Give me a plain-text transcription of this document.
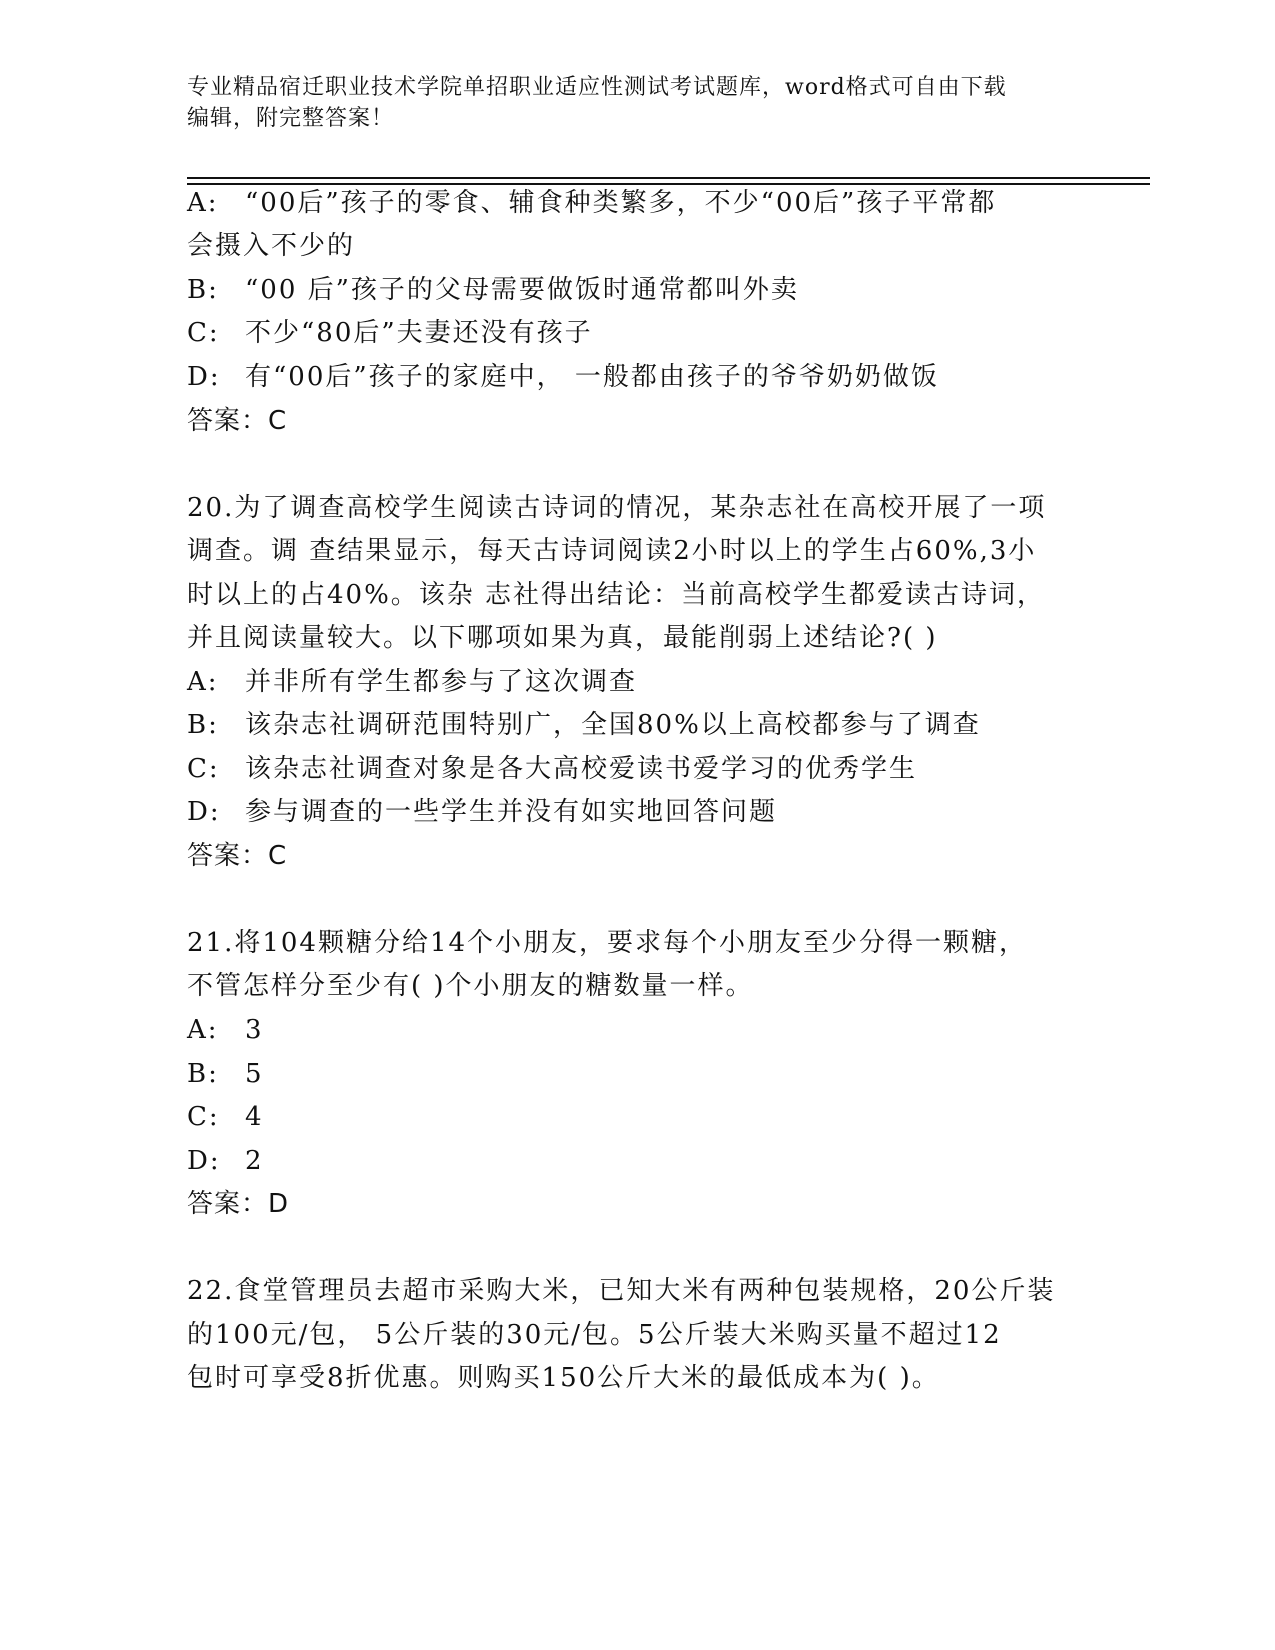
专业精品宿迁职业技术学院单招职业适应性测试考试题库，word格式可自由下载
编辑，附完整答案！
A: “00后”孩子的零食、辅食种类繁多，不少“00后”孩子平常都
会摄入不少的
B: “00 后”孩子的父母需要做饭时通常都叫外卖
C: 不少“80后”夫妻还没有孩子
D: 有“00后”孩子的家庭中， 一般都由孩子的爷爷奶奶做饭
答案：C
20.为了调查高校学生阅读古诗词的情况，某杂志社在高校开展了一项
调查。调 查结果显示，每天古诗词阅读2小时以上的学生占60%,3小
时以上的占40%。该杂 志社得出结论：当前高校学生都爱读古诗词，
并且阅读量较大。以下哪项如果为真，最能削弱上述结论?( )
A: 并非所有学生都参与了这次调查
B: 该杂志社调研范围特别广，全国80%以上高校都参与了调查
C: 该杂志社调查对象是各大高校爱读书爱学习的优秀学生
D: 参与调查的一些学生并没有如实地回答问题
答案：C
21.将104颗糖分给14个小朋友，要求每个小朋友至少分得一颗糖，
不管怎样分至少有( )个小朋友的糖数量一样。
A: 3
B: 5
C: 4
D: 2
答案：D
22.食堂管理员去超市采购大米，已知大米有两种包装规格，20公斤装
的100元/包， 5公斤装的30元/包。5公斤装大米购买量不超过12
包时可享受8折优惠。则购买150公斤大米的最低成本为( )。
